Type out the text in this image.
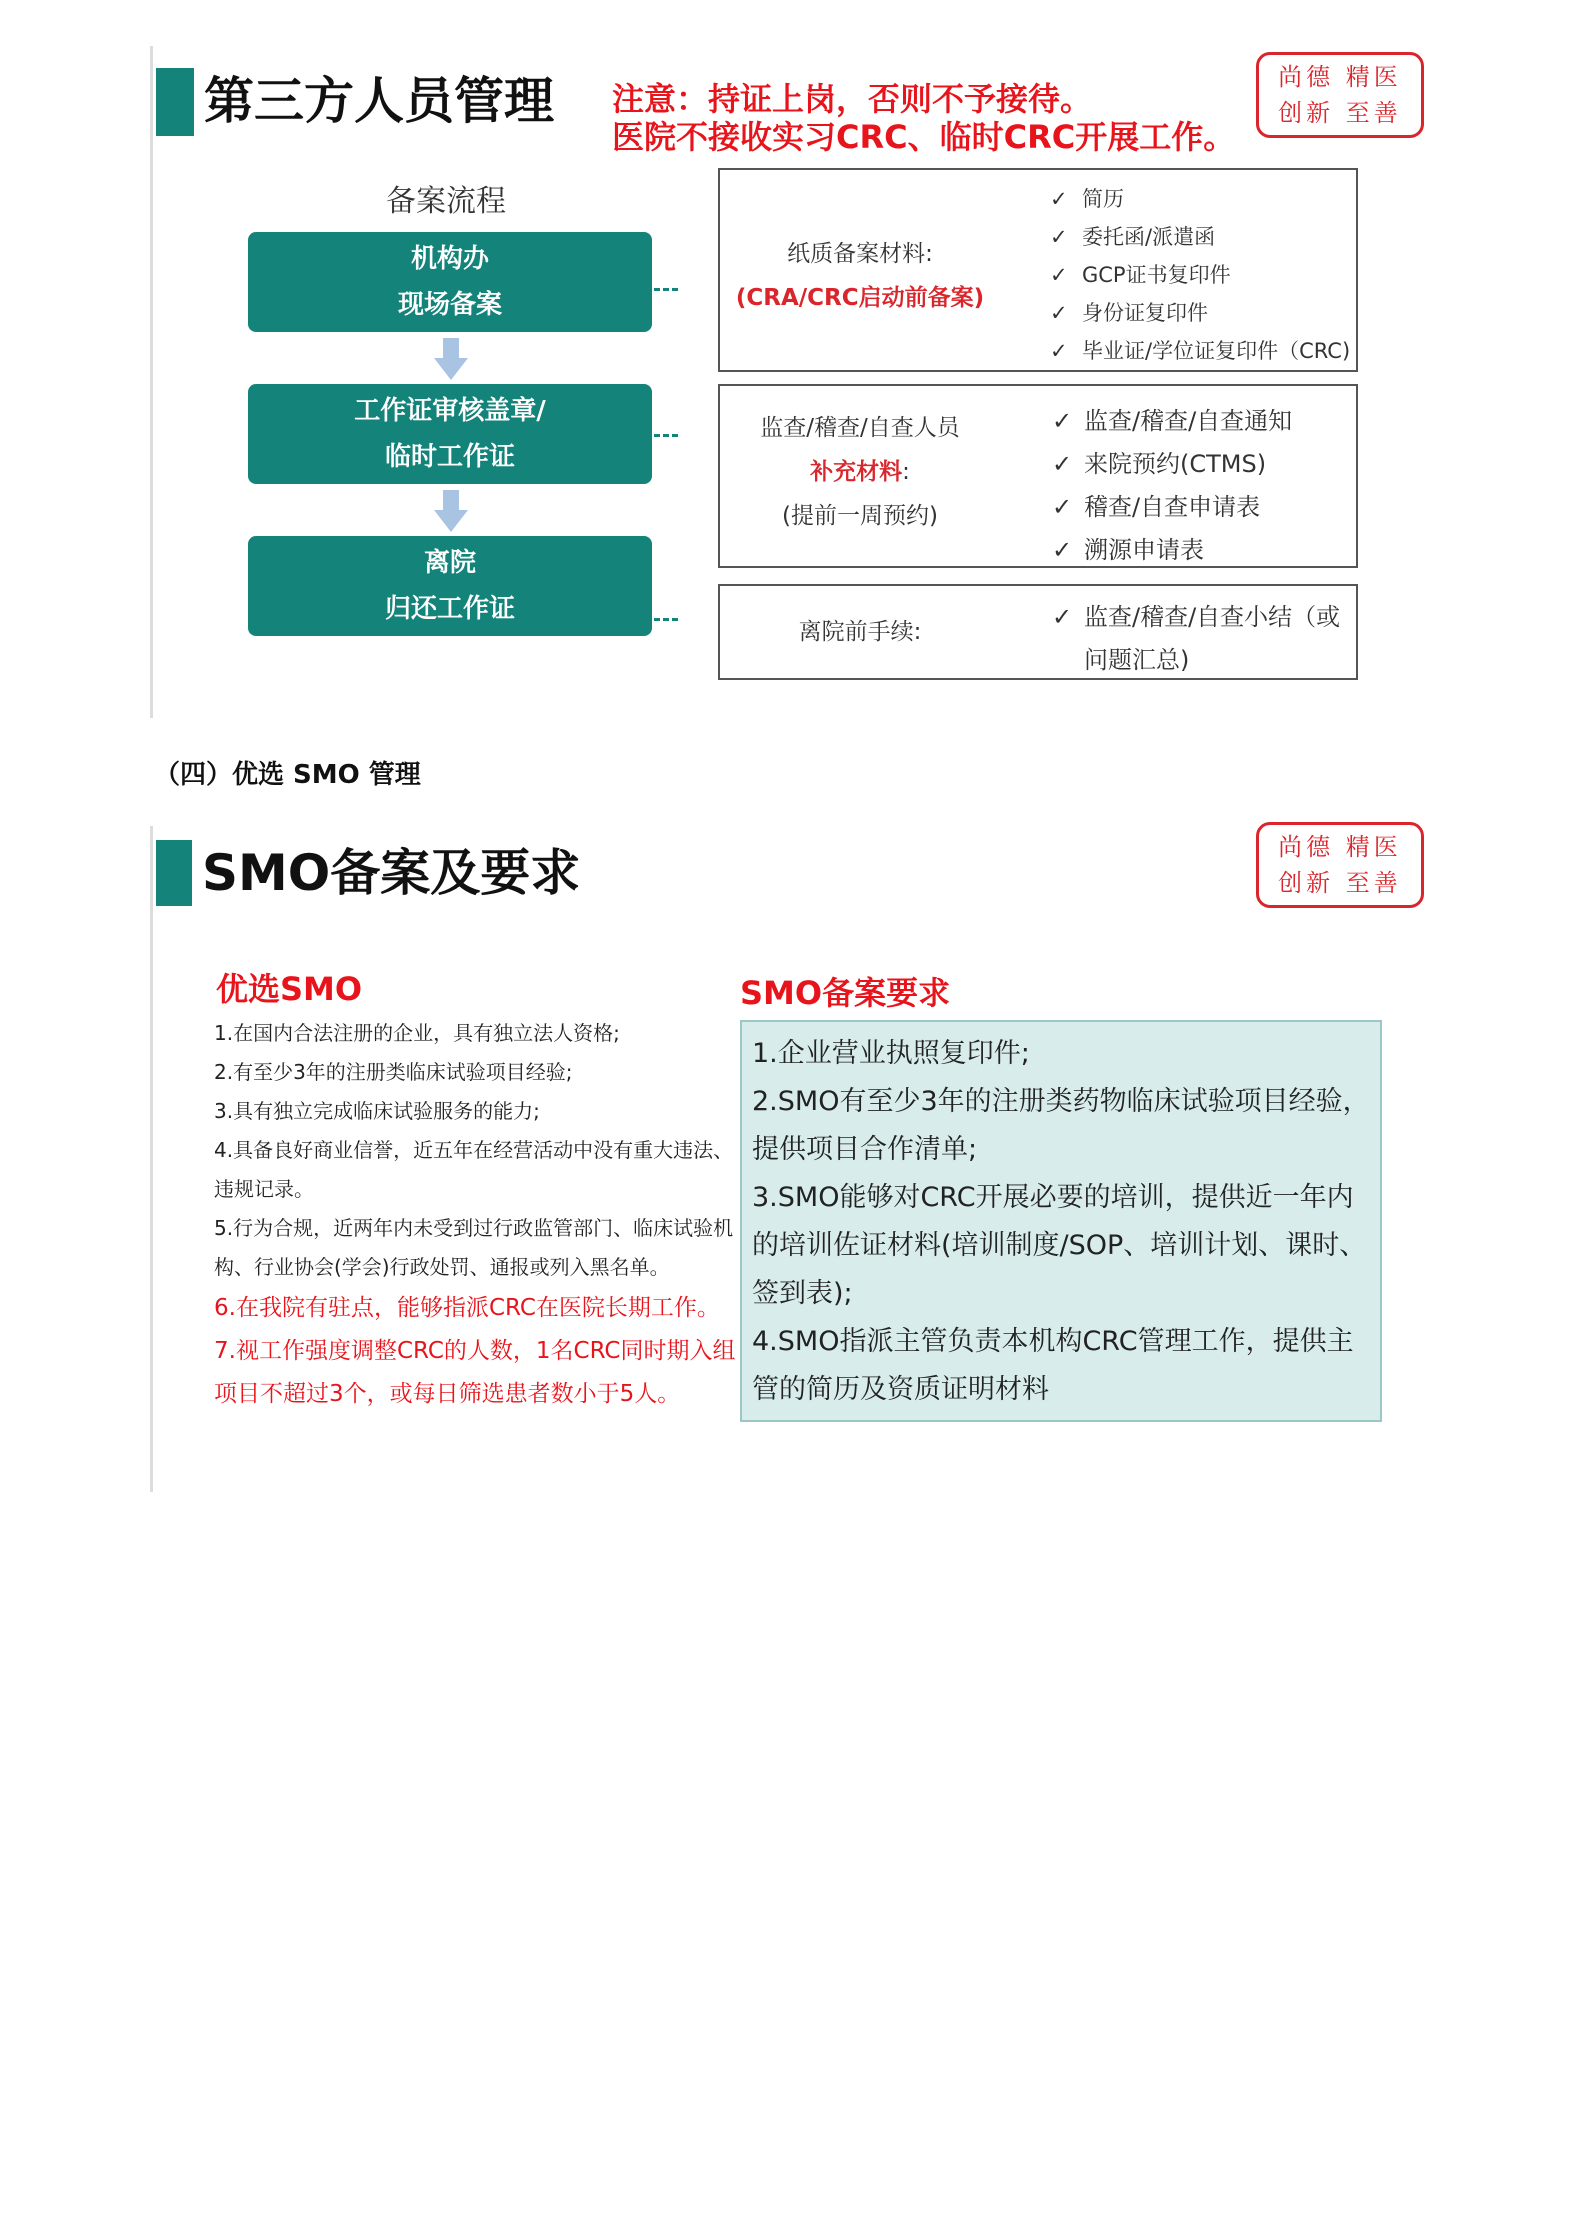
第三方人员管理 注意：持证上岗，否则不予接待。
医院不接收实习CRC、临时CRC开展工作。
尚德 精医
创新 至善
备案流程
机构办
现场备案
工作证审核盖章/
临时工作证
离院
归还工作证
纸质备案材料:
(CRA/CRC启动前备案)
✓ 简历
✓ 委托函/派遣函
✓ GCP证书复印件
✓ 身份证复印件
✓ 毕业证/学位证复印件（CRC)
监查/稽查/自查人员
补充材料:
(提前一周预约)
✓ 监查/稽查/自查通知
✓ 来院预约(CTMS)
✓ 稽查/自查申请表
✓ 溯源申请表
离院前手续:
✓ 监查/稽查/自查小结（或
问题汇总)
（四）优选 SMO 管理
SMO备案及要求	尚德 精医
创新 至善
优选SMO	SMO备案要求
1.在国内合法注册的企业，具有独立法人资格;
2.有至少3年的注册类临床试验项目经验;
3.具有独立完成临床试验服务的能力;
4.具备良好商业信誉，近五年在经营活动中没有重大违法、违规记录。
5.行为合规，近两年内未受到过行政监管部门、临床试验机构、行业协会(学会)行政处罚、通报或列入黑名单。
6.在我院有驻点，能够指派CRC在医院长期工作。
7.视工作强度调整CRC的人数，1名CRC同时期入组项目不超过3个，或每日筛选患者数小于5人。
1.企业营业执照复印件;
2.SMO有至少3年的注册类药物临床试验项目经验，提供项目合作清单;
3.SMO能够对CRC开展必要的培训，提供近一年内的培训佐证材料(培训制度/SOP、培训计划、课时、签到表);
4.SMO指派主管负责本机构CRC管理工作，提供主管的简历及资质证明材料
